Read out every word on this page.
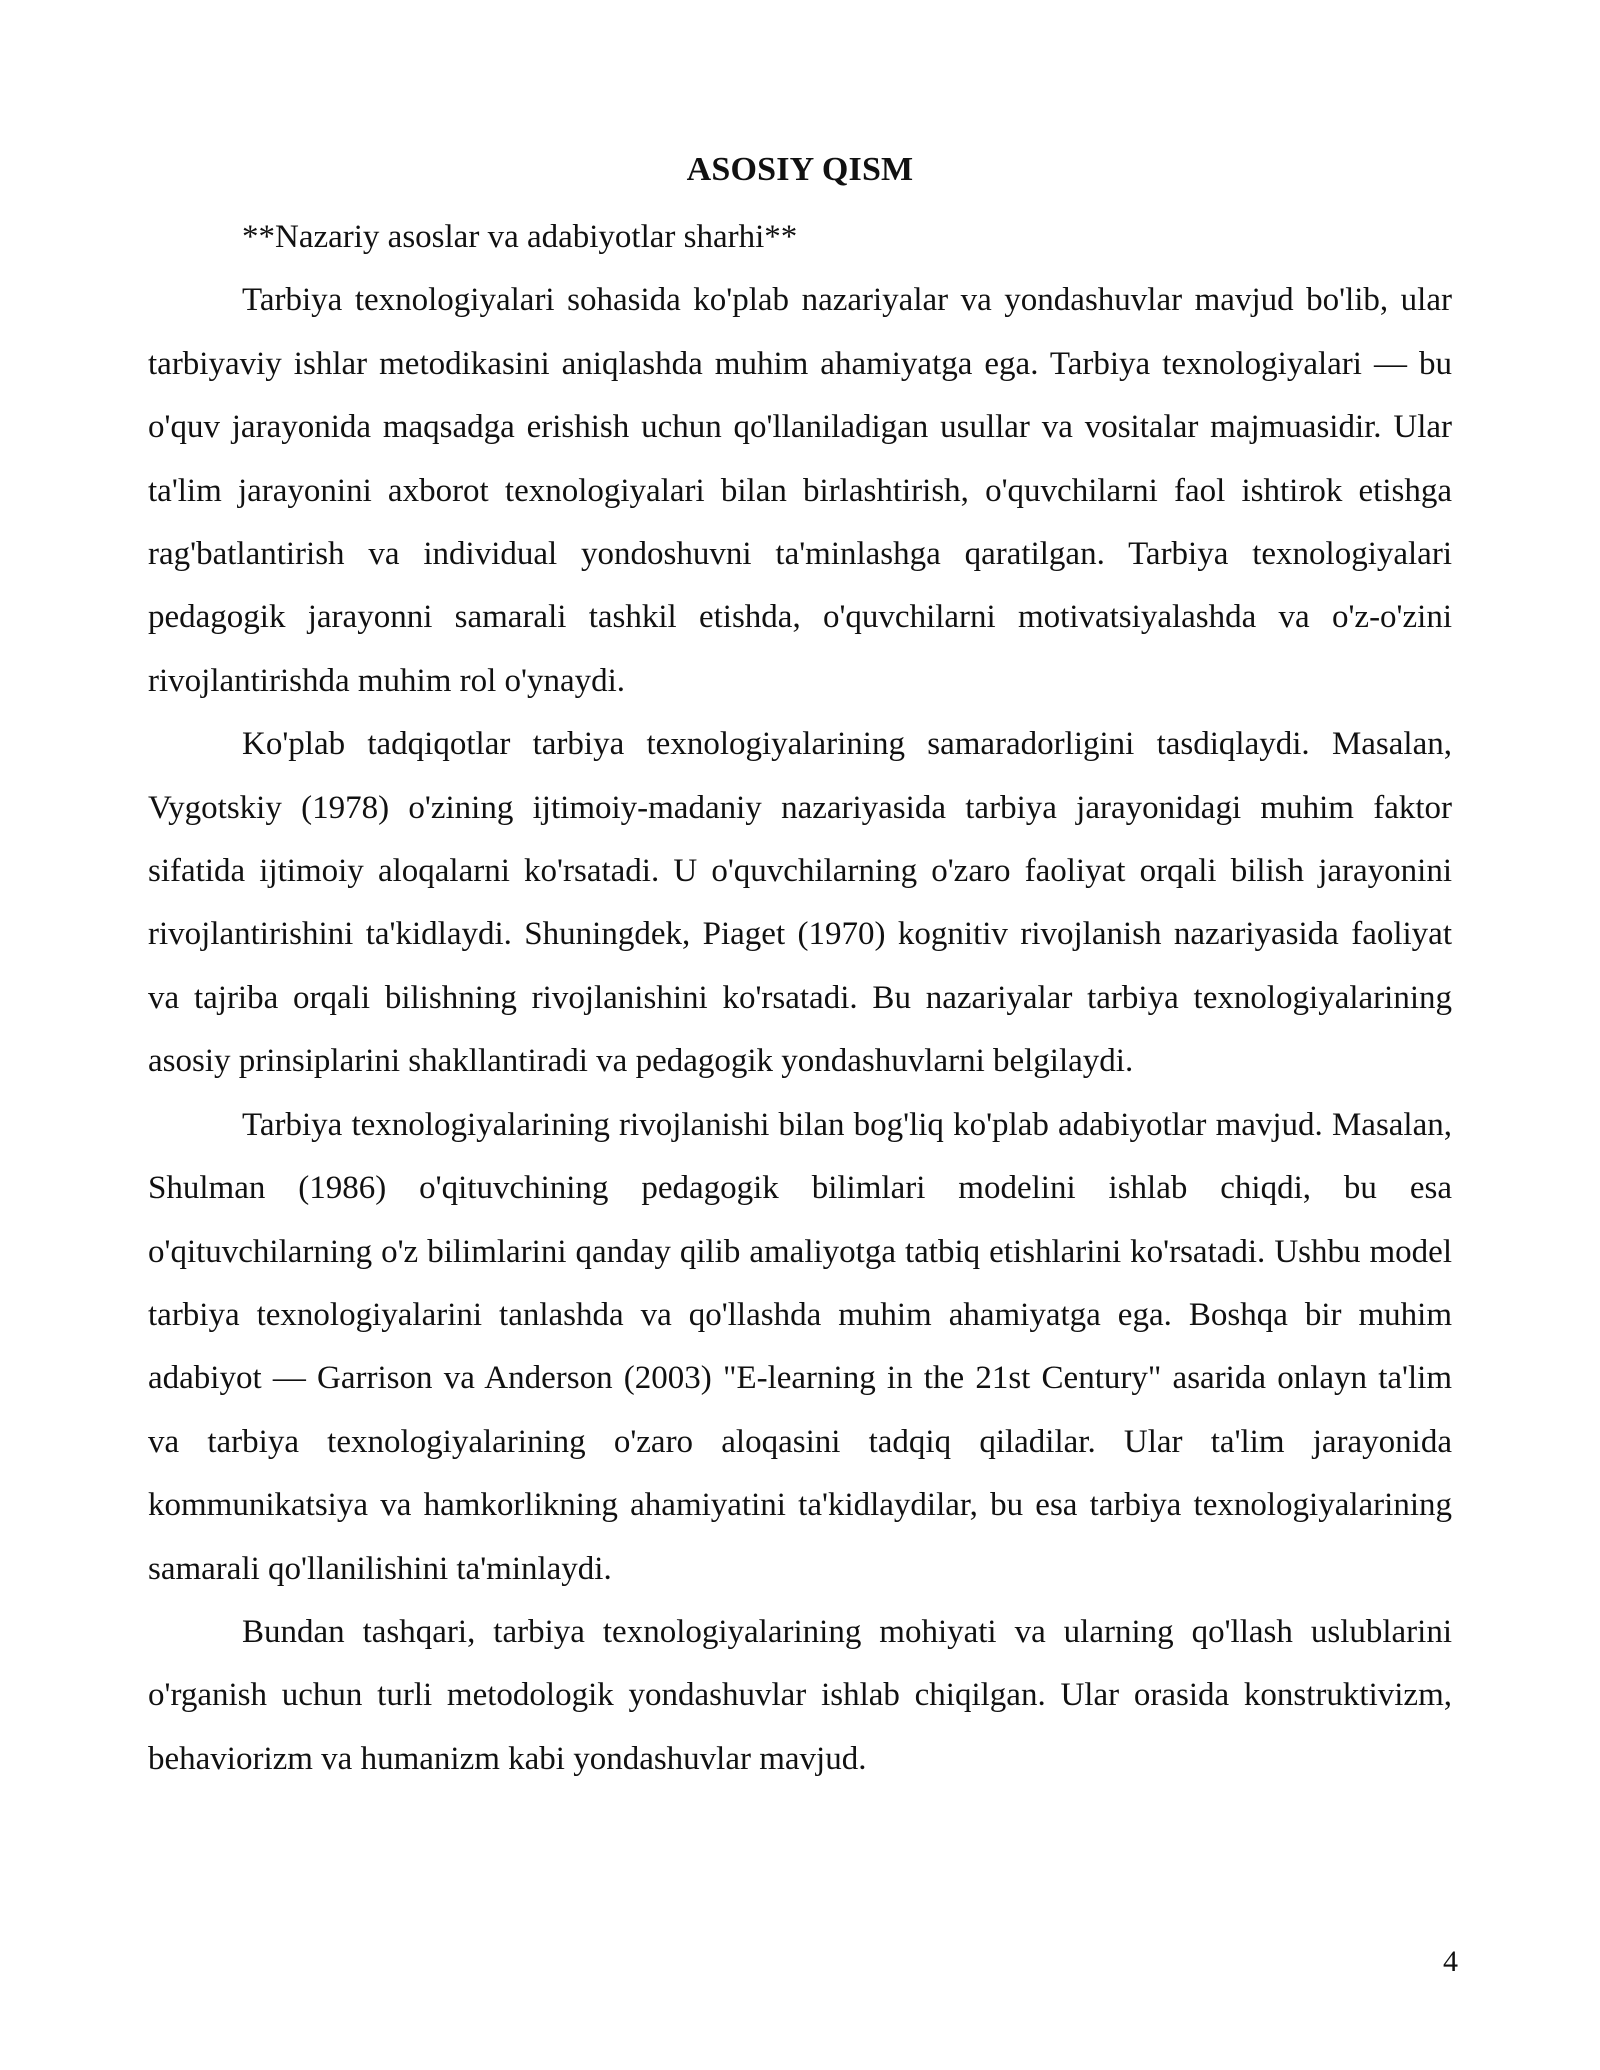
ASOSIY QISM

**Nazariy asoslar va adabiyotlar sharhi**

Tarbiya texnologiyalari sohasida ko'plab nazariyalar va yondashuvlar mavjud bo'lib, ular tarbiyaviy ishlar metodikasini aniqlashda muhim ahamiyatga ega. Tarbiya texnologiyalari — bu o'quv jarayonida maqsadga erishish uchun qo'llaniladigan usullar va vositalar majmuasidir. Ular ta'lim jarayonini axborot texnologiyalari bilan birlashtirish, o'quvchilarni faol ishtirok etishga rag'batlantirish va individual yondoshuvni ta'minlashga qaratilgan. Tarbiya texnologiyalari pedagogik jarayonni samarali tashkil etishda, o'quvchilarni motivatsiyalashda va o'z-o'zini rivojlantirishda muhim rol o'ynaydi.

Ko'plab tadqiqotlar tarbiya texnologiyalarining samaradorligini tasdiqlaydi. Masalan, Vygotskiy (1978) o'zining ijtimoiy-madaniy nazariyasida tarbiya jarayonidagi muhim faktor sifatida ijtimoiy aloqalarni ko'rsatadi. U o'quvchilarning o'zaro faoliyat orqali bilish jarayonini rivojlantirishini ta'kidlaydi. Shuningdek, Piaget (1970) kognitiv rivojlanish nazariyasida faoliyat va tajriba orqali bilishning rivojlanishini ko'rsatadi. Bu nazariyalar tarbiya texnologiyalarining asosiy prinsiplarini shakllantiradi va pedagogik yondashuvlarni belgilaydi.

Tarbiya texnologiyalarining rivojlanishi bilan bog'liq ko'plab adabiyotlar mavjud. Masalan, Shulman (1986) o'qituvchining pedagogik bilimlari modelini ishlab chiqdi, bu esa o'qituvchilarning o'z bilimlarini qanday qilib amaliyotga tatbiq etishlarini ko'rsatadi. Ushbu model tarbiya texnologiyalarini tanlashda va qo'llashda muhim ahamiyatga ega. Boshqa bir muhim adabiyot — Garrison va Anderson (2003) "E-learning in the 21st Century" asarida onlayn ta'lim va tarbiya texnologiyalarining o'zaro aloqasini tadqiq qiladilar. Ular ta'lim jarayonida kommunikatsiya va hamkorlikning ahamiyatini ta'kidlaydilar, bu esa tarbiya texnologiyalarining samarali qo'llanilishini ta'minlaydi.

Bundan tashqari, tarbiya texnologiyalarining mohiyati va ularning qo'llash uslublarini o'rganish uchun turli metodologik yondashuvlar ishlab chiqilgan. Ular orasida konstruktivizm, behaviorizm va humanizm kabi yondashuvlar mavjud.

4
